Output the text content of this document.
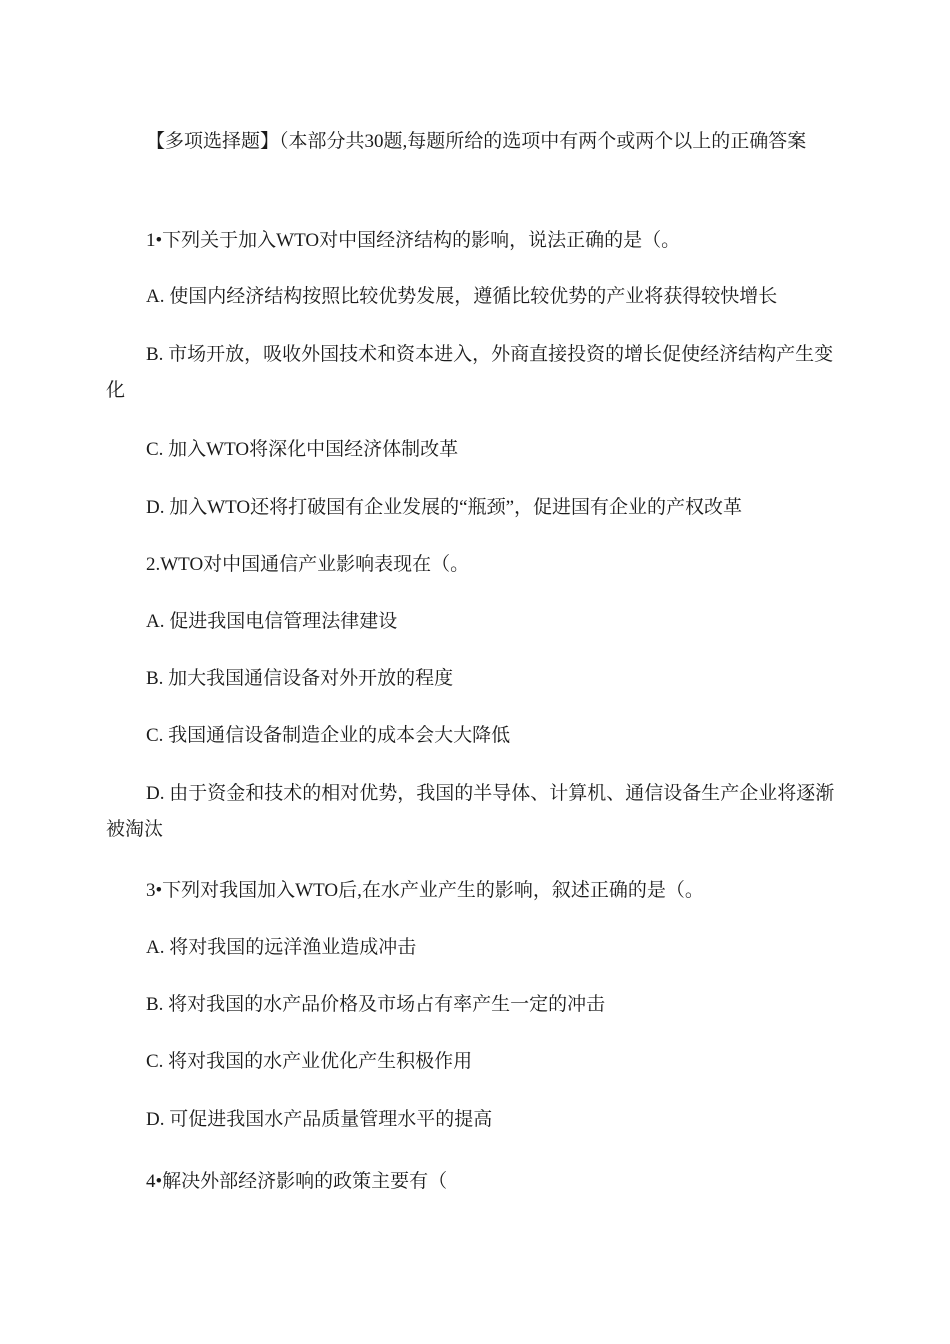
【多项选择题】（本部分共30题,每题所给的选项中有两个或两个以上的正确答案

1•下列关于加入WTO对中国经济结构的影响，说法正确的是（。

A. 使国内经济结构按照比较优势发展，遵循比较优势的产业将获得较快增长

B. 市场开放，吸收外国技术和资本进入，外商直接投资的增长促使经济结构产生变化

C. 加入WTO将深化中国经济体制改革

D. 加入WTO还将打破国有企业发展的“瓶颈”，促进国有企业的产权改革

2.WTO对中国通信产业影响表现在（。

A. 促进我国电信管理法律建设

B. 加大我国通信设备对外开放的程度

C. 我国通信设备制造企业的成本会大大降低

D. 由于资金和技术的相对优势，我国的半导体、计算机、通信设备生产企业将逐渐被淘汰

3•下列对我国加入WTO后,在水产业产生的影响，叙述正确的是（。

A. 将对我国的远洋渔业造成冲击

B. 将对我国的水产品价格及市场占有率产生一定的冲击

C. 将对我国的水产业优化产生积极作用

D. 可促进我国水产品质量管理水平的提高

4•解决外部经济影响的政策主要有（
